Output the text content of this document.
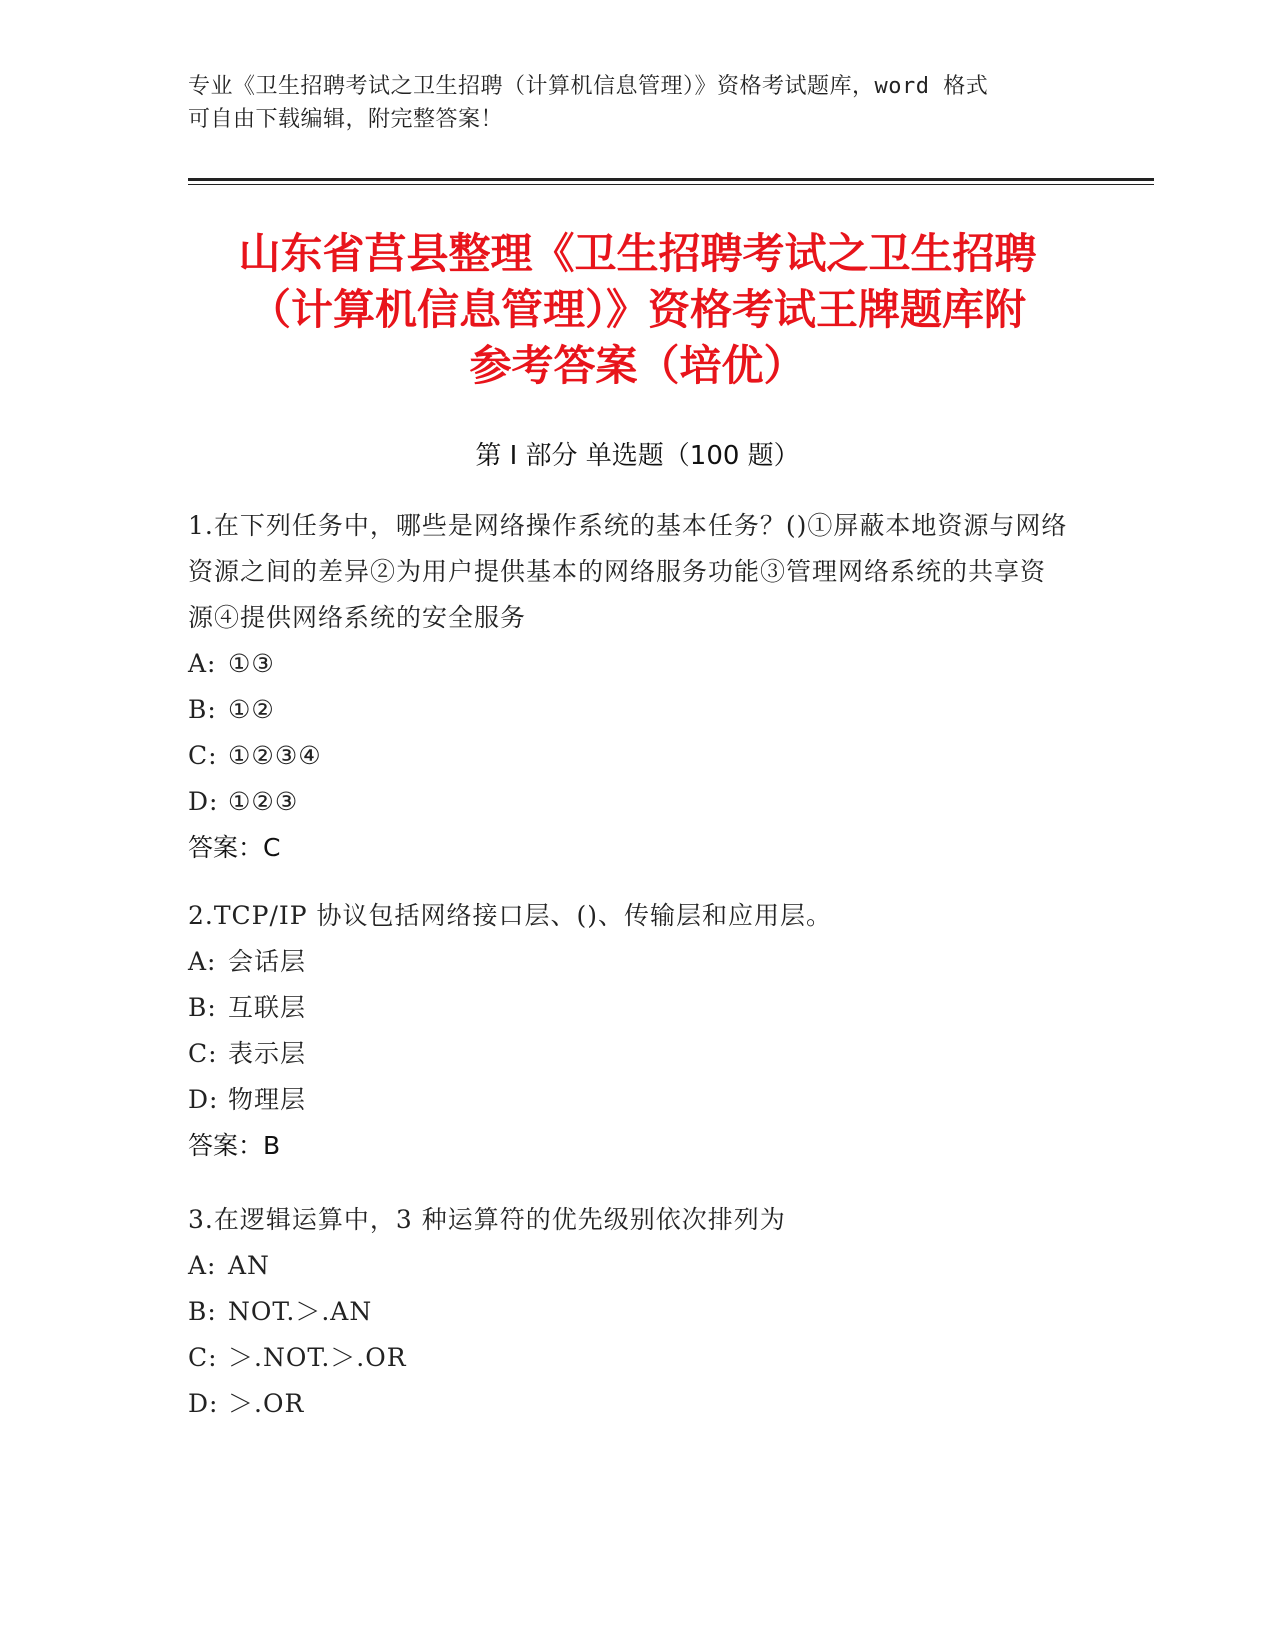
专业《卫生招聘考试之卫生招聘（计算机信息管理）》资格考试题库，word 格式
可自由下载编辑，附完整答案！
山东省莒县整理《卫生招聘考试之卫生招聘
（计算机信息管理）》资格考试王牌题库附
参考答案（培优）
第 I 部分 单选题（100 题）
1.在下列任务中，哪些是网络操作系统的基本任务？()①屏蔽本地资源与网络资源之间的差异②为用户提供基本的网络服务功能③管理网络系统的共享资源④提供网络系统的安全服务
A: ①③
B: ①②
C: ①②③④
D: ①②③
答案：C
2.TCP/IP 协议包括网络接口层、()、传输层和应用层。
A: 会话层
B: 互联层
C: 表示层
D: 物理层
答案：B
3.在逻辑运算中，3 种运算符的优先级别依次排列为
A: AN
B: NOT.＞.AN
C: ＞.NOT.＞.OR
D: ＞.OR
